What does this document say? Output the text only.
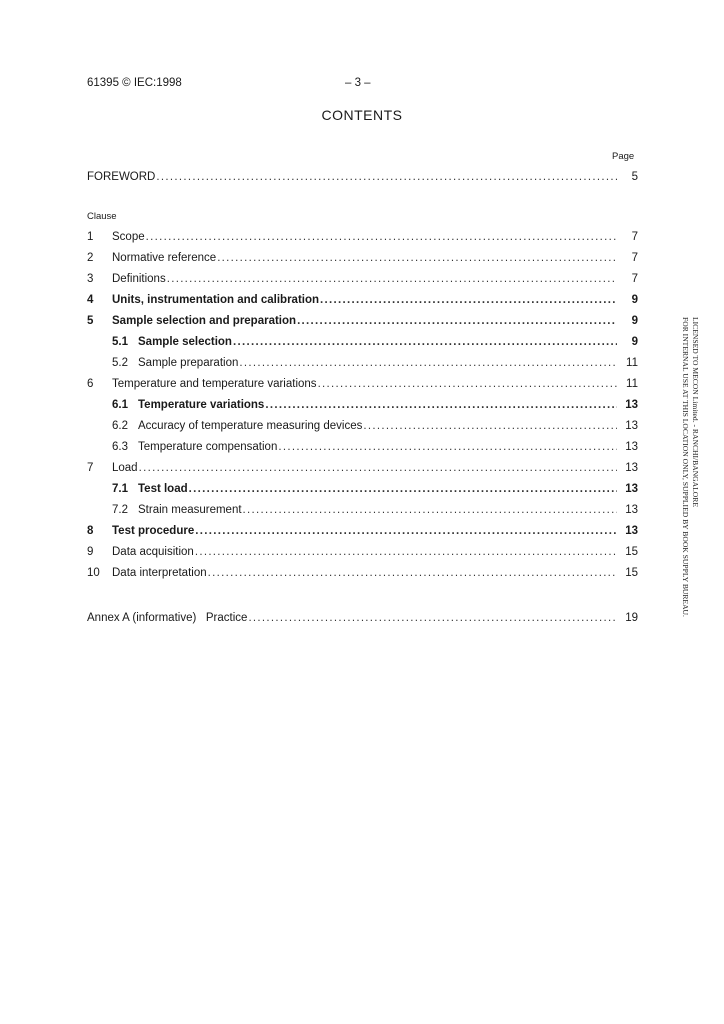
61395 © IEC:1998	– 3 –
CONTENTS
Page
FOREWORD .....	5
Clause
1	Scope .....	7
2	Normative reference .....	7
3	Definitions .....	7
4	Units, instrumentation and calibration .....	9
5	Sample selection and preparation .....	9
5.1 Sample selection .....	9
5.2 Sample preparation .....	11
6	Temperature and temperature variations .....	11
6.1 Temperature variations .....	13
6.2 Accuracy of temperature measuring devices .....	13
6.3 Temperature compensation .....	13
7	Load .....	13
7.1 Test load .....	13
7.2 Strain measurement .....	13
8	Test procedure .....	13
9	Data acquisition .....	15
10	Data interpretation .....	15
Annex A (informative)   Practice .....	19
LICENSED TO MECON Limited. - RANCHI/BANGALORE
FOR INTERNAL USE AT THIS LOCATION ONLY, SUPPLIED BY BOOK SUPPLY BUREAU.
